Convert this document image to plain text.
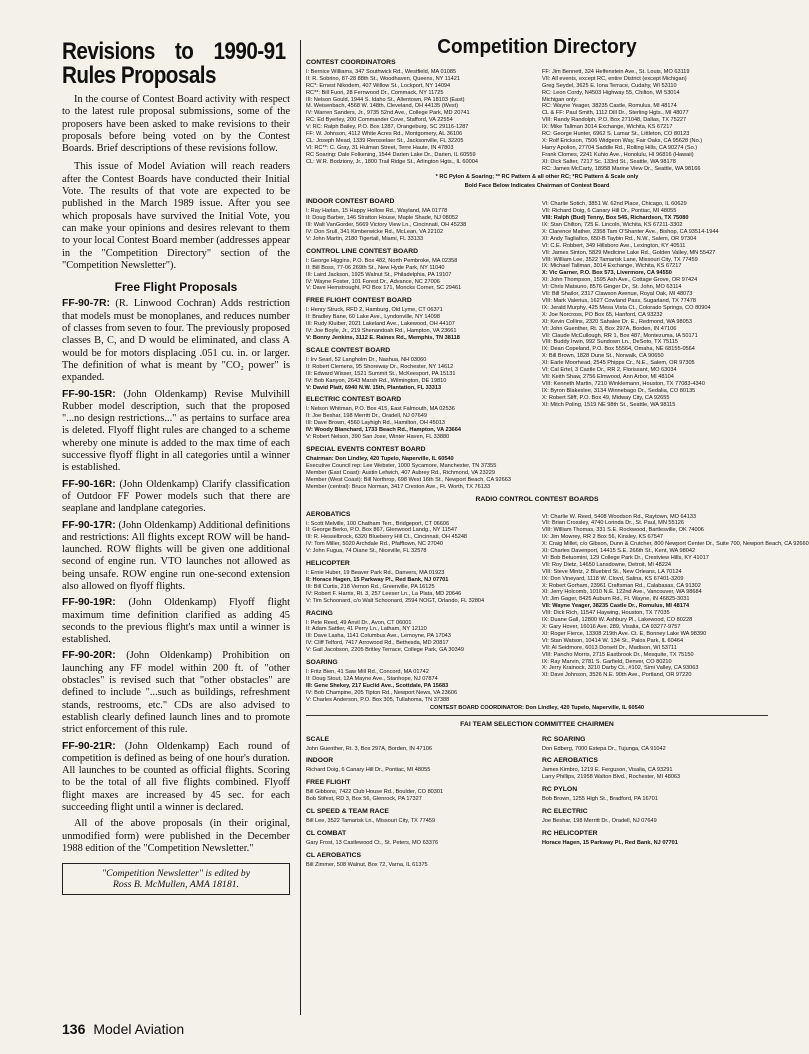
Revisions to 1990-91 Rules Proposals

In the course of Contest Board activity with respect to the latest rule proposal submissions, some of the proposers have been asked to make revisions to their proposals before being voted on by the Contest Boards. Brief descriptions of these revisions follow.

This issue of Model Aviation will reach readers after the Contest Boards have conducted their Initial Vote. The results of that vote are expected to be published in the March 1989 issue. After you see which proposals have survived the Initial Vote, you can make your opinions and desires relevant to them to your local Contest Board member (addresses appear in the "Competition Directory" section of the "Competition Newsletter").

Free Flight Proposals
FF-90-7R: (R. Linwood Cochran) Adds restriction that models must be monoplanes, and reduces number of classes from seven to four. The previously proposed classes B, C, and D would be eliminated, and class A would be for motors displacing .051 cu. in. or larger. The definition of what is meant by "CO₂ power" is expanded.
FF-90-15R: (John Oldenkamp) Revise Mulvihill Rubber model description, such that the proposed "...no design restrictions..." as pertains to surface area is deleted. Flyoff flight rules are changed to a scheme whereby one minute is added to the max time of each successive flyoff flight in all categories until a winner is established.
FF-90-16R: (John Oldenkamp) Clarify classification of Outdoor FF Power models such that there are seaplane and landplane categories.
FF-90-17R: (John Oldenkamp) Additional definitions and restrictions: All flights except ROW will be hand-launched. ROW flights will be given one additional second of engine run. VTO launches not allowed as being unsafe. ROW engine run one-second extension also allowed on flyoff flights.
FF-90-19R: (John Oldenkamp) Flyoff flight maximum time definition clarified as adding 45 seconds to the previous flight's max until a winner is established.
FF-90-20R: (John Oldenkamp) Prohibition on launching any FF model within 200 ft. of "other obstacles" is revised such that "other obstacles" are defined to include "...such as buildings, refreshment stands, restrooms, etc." CDs are also advised to establish clearly defined launch lines and to promote strict enforcement of this rule.
FF-90-21R: (John Oldenkamp) Each round of competition is defined as being of one hour's duration. All launches to be counted as official flights. Scoring to be the total of all five flights combined. Flyoff flight maxes are increased by 45 sec. for each succeeding flight until a winner is declared.

All of the above proposals (in their original, unmodified form) were published in the December 1988 edition of the "Competition Newsletter."

"Competition Newsletter" is edited by
Ross B. McMullen, AMA 18181.
Competition Directory
CONTEST COORDINATORS
I: Bernice Williams, 347 Southwick Rd., Westfield, MA 01085
II: R. Sobrino, 87-28 88th St., Woodhaven, Queens, NY 11421
RC*: Ernest Nikodem, 407 Willow St., Lockport, NY 14094
RC**: Bill Fuori, 28 Fernwood Dr., Commack, NY 11725
III: Nelson Gould, 1944 S. Idaho St., Allentown, PA 18103 (East)
M. Weisenbach, 4568 W. 148th, Cleveland, OH 44135 (West)
IV: Warren Sanders, Jr., 9735 52nd Ave., College Park, MD 20741
RC: Ed Byerley, 200 Commander Cove, Stafford, VA 22554
V: RC: Ralph Bailey, P.O. Box 1287, Orangeburg, SC 29116-1287
FF: W. Johnson, 4112 White Acres Rd., Montgomery, AL 36106
CL: Joseph Mead, 1339 Rensselaer St., Jacksonville, FL 32205
VI: RC**: C. Gray, 31 Hulman Street, Terre Haute, IN 47803
RC Soaring: Dale Folkening, 1544 Darien Lake Dr., Darien, IL 60559
CL: W.R. Bodziony, Jr., 1800 Trail Ridge St., Arlington Hgts., IL 60004
FF: Jim Bennett, 324 Helfenstein Ave., St. Louis, MO 63119
VII: All events, except RC, entire District (except Michigan)
Greg Seydel, 3625 E. Iona Terrace, Cudahy, WI 53110
RC: Leon Cordy, N4503 Highway 55, Chilton, WI 53014
Michigan only:
RC: Wayne Yeager, 38235 Castle, Romulus, MI 48174
CL & FF: Paul Smith, 1112 Dill Dr., Sterling Hgts., MI 48077
VIII: Randy Randolph, P.O. Box 271048, Dallas, TX 75227
IX: Mike Tallman 3014 Exchange, Wichita, KS 67217
RC: George Hunter, 6962 S. Lamar St., Littleton, CO 80123
X: Rolf Erickson, 7506 Widgeon Way, Fair Oaks, CA 95628 (No.)
Harry Apolion, 27704 Saddle Rd., Rolling Hills, CA 90274 (So.)
Frank Clomes, 2241 Kuhio Ave., Honolulu, HI 96816 (Hawaii)
XI: Dick Salter, 7217 Sc. 133rd St., Seattle, WA 98178
RC: James McCarty, 18958 Marine View Dr., Seattle, WA 98166
* RC Pylon & Soaring; ** RC Pattern & all other RC; *RC Pattern & Scale only
Bold Face Below Indicates Chairman of Contest Board
INDOOR CONTEST BOARD
I: Ray Harlan, 15 Happy Hollow Rd., Wayland, MA 01778
II: Doug Barber, 146 Stratton House, Maple Shade, NJ 08052
III: Walt VanGorder, 5669 Victory View Ln., Cincinnati, OH 45238
IV: Don Srull, 341 Kimberwicke Rd., McLean, VA 22102
V: John Martin, 2180 Tigertail, Miami, FL 33133
CONTROL LINE CONTEST BOARD
I: George Higgins, P.O. Box 482, North Pembroke, MA 02358
II: Bill Boss, 77-06 269th St., New Hyde Park, NY 11040
III: Laird Jackson, 1925 Walnut St., Philadelphia, PA 19107
IV: Wayne Foster, 101 Forest Dr., Advance, NC 27006
V: Dave Hemstrought, PO Box 171, Moncks Corner, SC 29461
FREE FLIGHT CONTEST BOARD
I: Henry Struck, RFD 2, Hamburg, Old Lyme, CT 06371
II: Bradley Bane, 60 Lake Ave., Lyndonville, NY 14098
III: Rudy Kluiber, 2021 Lakeland Ave., Lakewood, OH 44107
IV: Joe Boyle, Jr., 219 Shenandoah Rd., Hampton, VA 23661
V: Bonny Jenkins, 3112 E. Raines Rd., Memphis, TN 38118
SCALE CONTEST BOARD
I: Irv Searl, 52 Langholm Dr., Nashua, NH 03060
II: Robert Clemens, 95 Shoreway Dr., Rochester, NY 14612
III: Edward Wisser, 1521 Summit St., McKeesport, PA 15131
IV: Bob Kanyon, 2643 Marsh Rd., Wilmington, DE 19810
V: David Platt, 6940 N.W. 15th, Plantation, FL 33313
ELECTRIC CONTEST BOARD
I: Nelson Whitman, P.O. Box 415, East Falmouth, MA 02536
II: Joe Beshar, 198 Merritt Dr., Oradell, NJ 07649
III: Dave Brown, 4560 Layhigh Rd., Hamilton, OH 45013
IV: Woody Blanchard, 1733 Beach Rd., Hampton, VA 23664
V: Robert Nelson, 390 San Jose, Winter Haven, FL 33880
SPECIAL EVENTS CONTEST BOARD
Chairman: Don Lindley, 420 Tupelo, Naperville, IL 60540
Executive Council rep: Lee Webster, 1000 Sycamore, Manchester, TN 37355
Member (East Coast): Austin Lefwich, 407 Aubrey Rd., Richmond, VA 23229
Member (West Coast): Bill Northrop, 698 West 16th St., Newport Beach, CA 92663
Member (central): Bruce Norman, 3417 Creston Ave., Ft. Worth, TX 76133
VI: Charlie Sotich, 3851 W. 62nd Place, Chicago, IL 60629
VII: Richard Doig, 6 Canary Hill Dr., Pontiac, MI 48055
VIII: Ralph (Bud) Tenny, Box 545, Richardson, TX 75080
IX: Stan Chilton, 725 E. Lincoln, Wichita, KS 67211-3302
X: Clarence Mather, 2358 Tam O'Shanter Ave., Bishop, CA 93514-1944
XI: Andy Tagliafico, 650-B Taybin Rd., N.W., Salem, OR 97304
VI: C.E. Robbert, 349 Hillsboro Ave., Lexington, KY 40511
VII: James Sinton, 5829 Medicine Lake Rd., Golden Valley, MN 55427
VIII: William Lee, 3522 Tamarisk Lane, Missouri City, TX 77459
IX: Michael Tallman, 3014 Exchange, Wichita, KS 67217
X: Vic Garner, P.O. Box 573, Livermore, CA 94550
XI: John Thompson, 1595 Ash Ave., Cottage Grove, OR 97424
VI: Chris Matsuno, 8576 Ginger Dr., St. John, MO 63114
VII: Bill Shailor, 2317 Clawson Avenue, Royal Oak, MI 48073
VIII: Mark Valerius, 1627 Cowland Pass, Sugarland, TX 77478
IX: Jerald Murphy, 425 Mesa Vista Ct., Colorado Springs, CO 80904
X: Joe Norcross, PO Box 65, Hanford, CA 93232
XI: Kevin Collins, 2320 Sahalee Dr. E., Redmond, WA 98053
VI: John Guenther, Rt. 3, Box 297A, Borden, IN 47106
VII: Claude McCullough, RR 1, Box 487, Montezuma, IA 50171
VIII: Buddy Irwin, 992 Sundown Ln., DeSoto, TX 75115
IX: Dean Copeland, P.O. Box 55564, Omaha, NE 68155-0564
X: Bill Brown, 1828 Dune St., Norwalk, CA 90650
XI: Earle Moorhead, 2545 Phipps Cr., N.E., Salem, OR 97305
VI: Cal Ertel, 3 Castle Dr., RR 2, Florissant, MO 63034
VII: Keith Shaw, 2756 Elmwood, Ann Arbor, MI 48104
VIII: Kenneth Martin, 7210 Winklemann, Houston, TX 77083-4340
IX: Byron Blakeslee, 3134 Winnebago Dr., Sedalia, CO 80135
X: Robert Sliff, P.O. Box 49, Midway City, CA 92655
XI: Mitch Poling, 1519 NE 98th St., Seattle, WA 98115
RADIO CONTROL CONTEST BOARDS
AEROBATICS
I: Scott Melville, 100 Chatham Terr., Bridgeport, CT 06606
II: George Berko, P.O. Box 867, Glenwood Landg., NY 11547
III: R. Hesselbrock, 6320 Blueberry Hill Ct., Cincinnati, OH 45248
IV: Tom Miller, 5020 Archdale Rd., Pfafftown, NC 27040
V: John Fugua, 74 Diane St., Niceville, FL 32578
HELICOPTER
I: Ernie Huber, 19 Beaver Park Rd., Danvers, MA 01923
II: Horace Hagen, 15 Parkway Pl., Red Bank, NJ 07701
III: Bill Curtis, 218 Vernon Rd., Greenville, PA 16125
IV: Robert F. Harris, Rt. 3, 257 Leeser Ln., La Plata, MD 20646
V: Tim Schoonard, c/o Walt Schoonard, 2594 NOGT, Orlando, FL 32804
RACING
I: Pete Reed, 49 Anvil Dr., Avon, CT 06001
II: Adam Sattler, 41 Perry Ln., Latham, NY 12110
III: Dave Lasha, 1141 Columbus Ave., Lemoyne, PA 17043
IV: Cliff Telford, 7417 Arrowood Rd., Bethesda, MD 20817
V: Gail Jacobson, 2205 Britley Terrace, College Park, GA 30349
SOARING
I: Fritz Bien, 41 Saw Mill Rd., Concord, MA 01742
II: Doug Stout, 12A Mayne Ave., Stanhope, NJ 07874
III: Gene Shekey, 217 Euclid Ave., Scottdale, PA 15683
IV: Bob Champine, 205 Tipton Rd., Newport News, VA 23606
V: Charles Anderson, P.O. Box 305, Tullahoma, TN 37388
VI: Charlie W. Reed, 5408 Woodson Rd., Raytown, MO 64133
VII: Brian Crossley, 4740 Lorinda Dr., St. Paul, MN 55126
VIII: William Thomas, 331 S.E. Rockwood, Bartlesville, OK 74006
IX: Jim Mowrey, RR 2 Box 56, Kinsley, KS 67547
X: Craig Millet, c/o Gibson, Dunn & Crutcher, 800 Newport Center Dr., Suite 700, Newport Beach, CA 92660
XI: Charles Davenport, 14415 S.E. 266th St., Kent, WA 98042
VI: Bob Betuomini, 129 College Park Dr., Crestview Hills, KY 41017
VII: Roy Dietz, 14650 Lansdowne, Detroit, MI 48224
VIII: Steve Mintz, 2 Bluebird St., New Orleans, LA 70124
IX: Don Vineyard, 1118 W. Clovd, Salina, KS 67401-3209
X: Robert Gorham, 23961 Craftsman Rd., Calabasas, CA 91302
XI: Jerry Holcomb, 1010 N.E. 122nd Ave., Vancouver, WA 98684
VI: Jim Gager, 8425 Auburn Rd., Ft. Wayne, IN 46825-3031
VII: Wayne Yeager, 38235 Castle Dr., Romulus, MI 48174
VIII: Dick Rich, 11547 Haywing, Houston, TX 77035
IX: Duane Gall, 12800 W. Ashbury Pl., Lakewood, CO 80228
X: Gary Hover, 16016 Ave. 289, Visalia, CA 93277-9757
XI: Roger Fierce, 13308 219th Ave. Ct. E, Bonney Lake WA 98390
VI: Stan Watson, 10414 W. 134 St., Palos Park, IL 60464
VII: Al Seidmore, 6013 Dorsett Dr., Madison, WI 53711
VIII: Pancho Morris, 2715 Eastbrook Dr., Mesquite, TX 75150
IX: Ray Marvin, 2781 S. Garfield, Denver, CO 80210
X: Jerry Krainock, 3210 Darby Ct., #102, Simi Valley, CA 93063
XI: Dave Johnson, 3526 N.E. 90th Ave., Portland, OR 97220
CONTEST BOARD COORDINATOR: Don Lindley, 420 Tupelo, Naperville, IL 60540
FAI TEAM SELECTION COMMITTEE CHAIRMEN
SCALE
John Guenther, Rt. 3, Box 297A, Borden, IN 47106
INDOOR
Richard Doig, 6 Canary Hill Dr., Pontiac, MI 48055
FREE FLIGHT
Bill Gibbons, 7422 Club House Rd., Boulder, CO 80301
Bob Stifest, RD 3, Box 56, Glenrock, PA 17327
CL SPEED & TEAM RACE
Bill Lee, 3522 Tamarisk Ln., Missouri City, TX 77459
CL COMBAT
Gary Frost, 13 Castlewood Ct., St. Peters, MO 63376
CL AEROBATICS
Bill Zimmer, 508 Walnut, Box 72, Varna, IL 61375
RC SOARING
Don Edberg, 7000 Estepa Dr., Tujunga, CA 91042
RC AEROBATICS
James Kimbro, 1219 E. Ferguson, Visalia, CA 93291
Larry Phillips, 21958 Walton Blvd., Rochester, MI 48063
RC PYLON
Bob Brown, 1255 High St., Bradford, PA 16701
RC ELECTRIC
Joe Beshar, 198 Merritt Dr., Oradell, NJ 07649
RC HELICOPTER
Horace Hagen, 15 Parkway Pl., Red Bank, NJ 07701
136 Model Aviation
